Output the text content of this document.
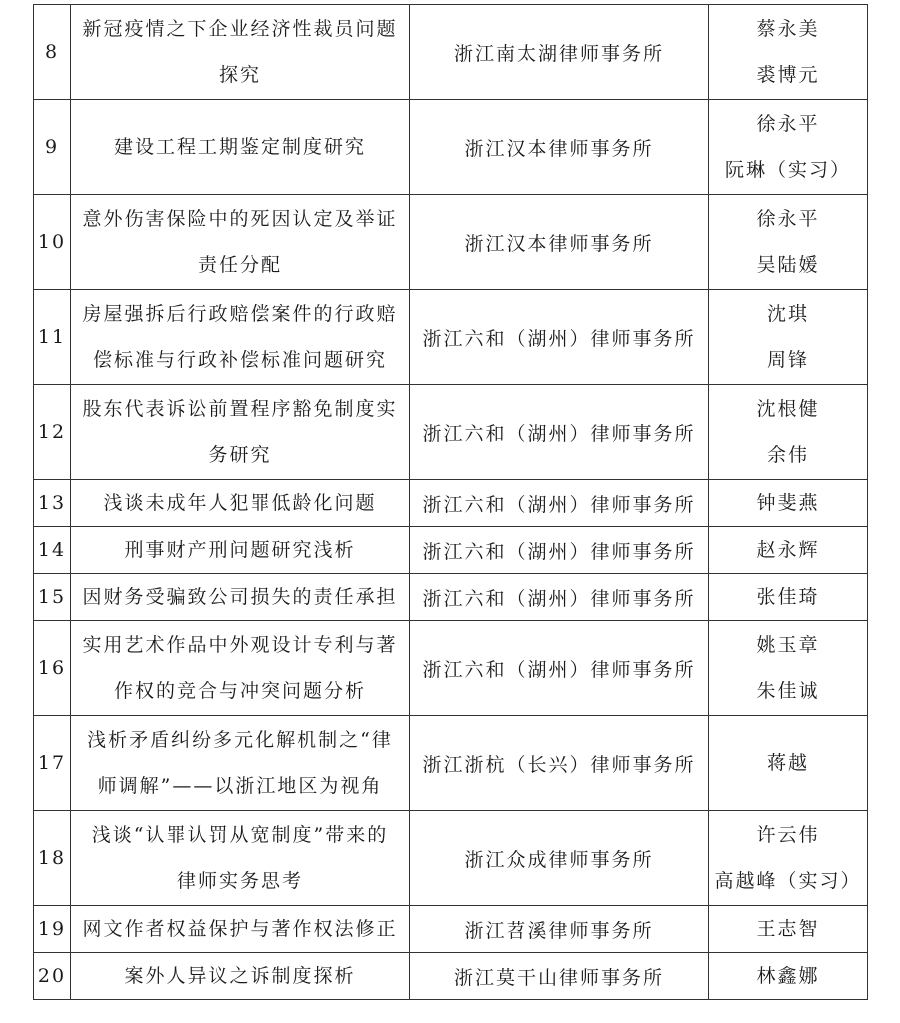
8	新冠疫情之下企业经济性裁员问题
探究	浙江南太湖律师事务所	蔡永美
裘博元

9	建设工程工期鉴定制度研究	浙江汉本律师事务所	徐永平
阮琳（实习）

10	意外伤害保险中的死因认定及举证
责任分配	浙江汉本律师事务所	徐永平
吴陆媛

11	房屋强拆后行政赔偿案件的行政赔
偿标准与行政补偿标准问题研究	浙江六和（湖州）律师事务所	沈琪
周锋

12	股东代表诉讼前置程序豁免制度实
务研究	浙江六和（湖州）律师事务所	沈根健
余伟

13	浅谈未成年人犯罪低龄化问题	浙江六和（湖州）律师事务所	钟斐燕

14	刑事财产刑问题研究浅析	浙江六和（湖州）律师事务所	赵永辉

15	因财务受骗致公司损失的责任承担	浙江六和（湖州）律师事务所	张佳琦

16	实用艺术作品中外观设计专利与著
作权的竞合与冲突问题分析	浙江六和（湖州）律师事务所	姚玉章
朱佳诚

17	浅析矛盾纠纷多元化解机制之“律
师调解”——以浙江地区为视角	浙江浙杭（长兴）律师事务所	蒋越

18	浅谈“认罪认罚从宽制度”带来的
律师实务思考	浙江众成律师事务所	许云伟
高越峰（实习）

19	网文作者权益保护与著作权法修正	浙江苕溪律师事务所	王志智

20	案外人异议之诉制度探析	浙江莫干山律师事务所	林鑫娜
